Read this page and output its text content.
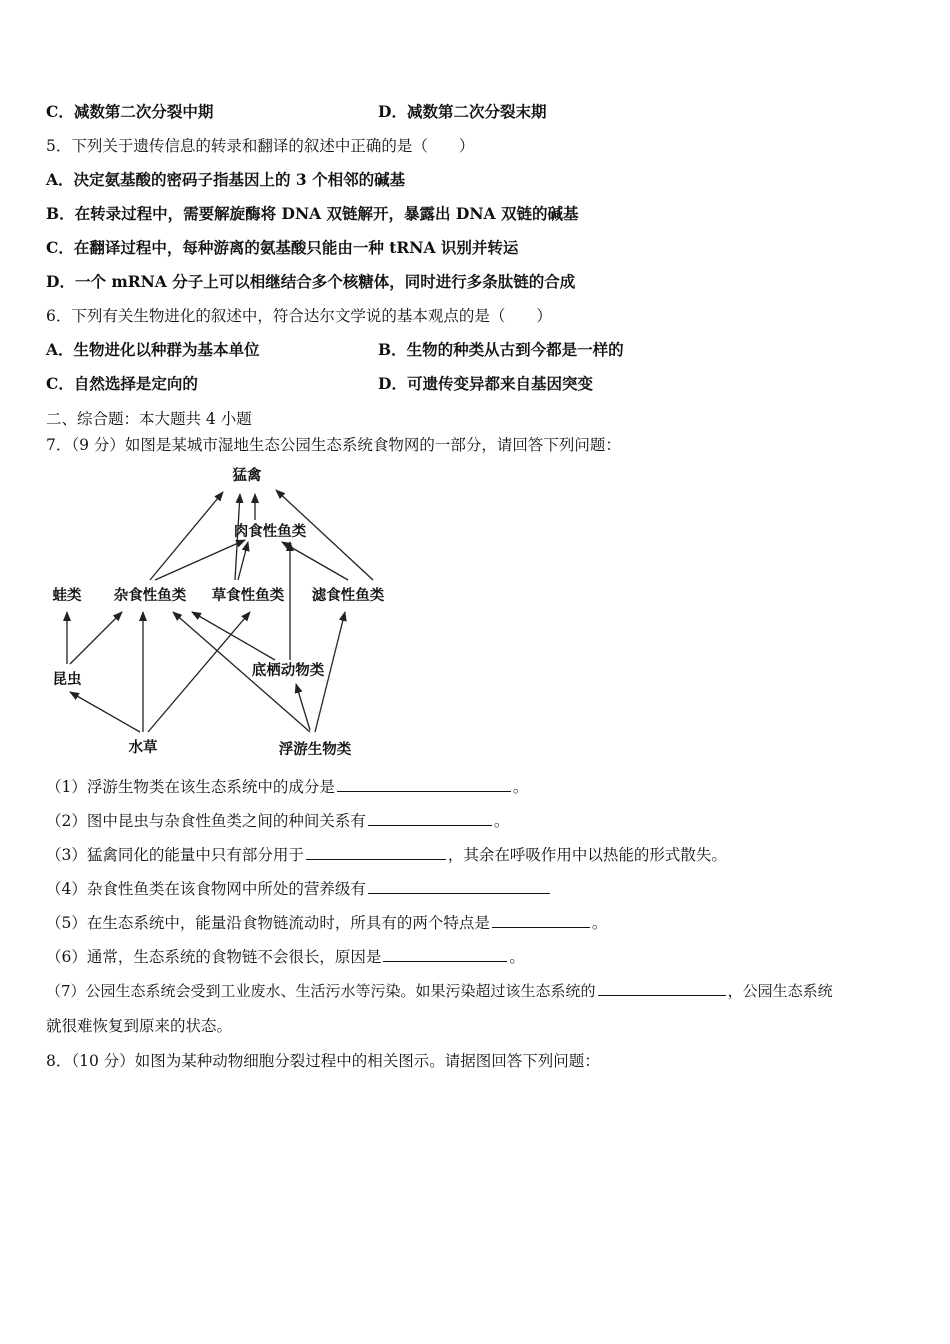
C．减数第二次分裂中期	D．减数第二次分裂末期
5．下列关于遗传信息的转录和翻译的叙述中正确的是（　　）
A．决定氨基酸的密码子指基因上的 3 个相邻的碱基
B．在转录过程中，需要解旋酶将 DNA 双链解开，暴露出 DNA 双链的碱基
C．在翻译过程中，每种游离的氨基酸只能由一种 tRNA 识别并转运
D．一个 mRNA 分子上可以相继结合多个核糖体，同时进行多条肽链的合成
6．下列有关生物进化的叙述中，符合达尔文学说的基本观点的是（　　）
A．生物进化以种群为基本单位	B．生物的种类从古到今都是一样的
C．自然选择是定向的	D．可遗传变异都来自基因突变
二、综合题：本大题共 4 小题
7．（9 分）如图是某城市湿地生态公园生态系统食物网的一部分，请回答下列问题：
猛禽
肉食性鱼类
蛙类 杂食性鱼类 草食性鱼类 滤食性鱼类
底栖动物类
昆虫
水草	浮游生物类
（1）浮游生物类在该生态系统中的成分是	。
（2）图中昆虫与杂食性鱼类之间的种间关系有	。
（3）猛禽同化的能量中只有部分用于	，其余在呼吸作用中以热能的形式散失。
（4）杂食性鱼类在该食物网中所处的营养级有
（5）在生态系统中，能量沿食物链流动时，所具有的两个特点是	。
（6）通常，生态系统的食物链不会很长，原因是	。
（7）公园生态系统会受到工业废水、生活污水等污染。如果污染超过该生态系统的	，公园生态系统
就很难恢复到原来的状态。
8．（10 分）如图为某种动物细胞分裂过程中的相关图示。请据图回答下列问题：
